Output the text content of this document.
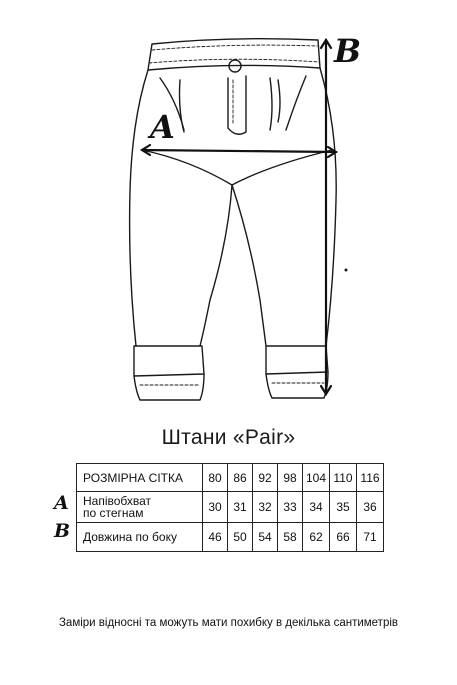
A
B
Штани «Pair»
A
B
РОЗМІРНА СІТКА	80	86	92	98	104	110	116
Напівобхват
по стегнам	30	31	32	33	34	35	36
Довжина по боку	46	50	54	58	62	66	71
Заміри відносні та можуть мати похибку в декілька сантиметрів
